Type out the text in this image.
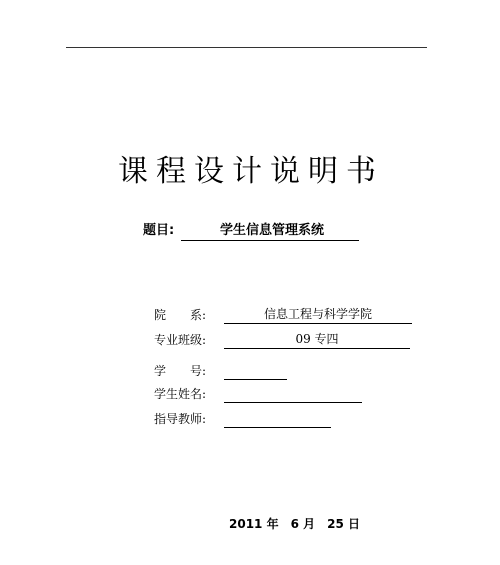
课程设计说明书
题目:	学生信息管理系统
院　　系:	信息工程与科学学院
专业班级:	09 专四
学　　号:
学生姓名:
指导教师:
2011 年　6 月　25 日
